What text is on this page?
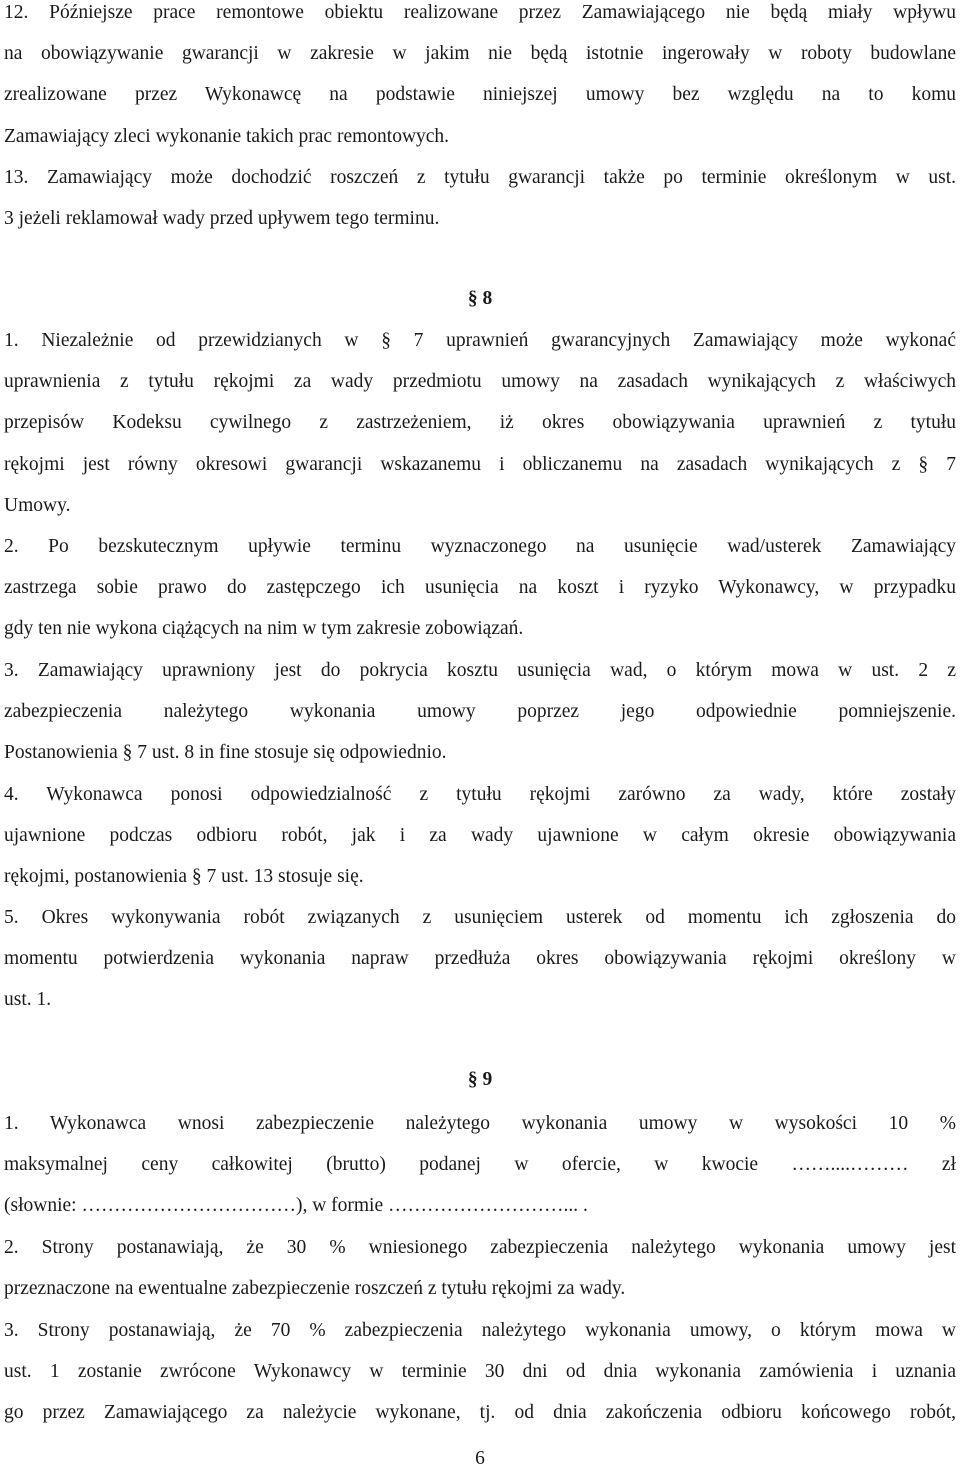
12. Późniejsze prace remontowe obiektu realizowane przez Zamawiającego nie będą miały wpływu
na obowiązywanie gwarancji w zakresie w jakim nie będą istotnie ingerowały w roboty budowlane
zrealizowane przez Wykonawcę na podstawie niniejszej umowy bez względu na to komu
Zamawiający zleci wykonanie takich prac remontowych.
13. Zamawiający może dochodzić roszczeń z tytułu gwarancji także po terminie określonym w ust.
3 jeżeli reklamował wady przed upływem tego terminu.
§ 8
1. Niezależnie od przewidzianych w § 7 uprawnień gwarancyjnych Zamawiający może wykonać
uprawnienia z tytułu rękojmi za wady przedmiotu umowy na zasadach wynikających z właściwych
przepisów Kodeksu cywilnego z zastrzeżeniem, iż okres obowiązywania uprawnień z tytułu
rękojmi jest równy okresowi gwarancji wskazanemu i obliczanemu na zasadach wynikających z § 7
Umowy.
2. Po bezskutecznym upływie terminu wyznaczonego na usunięcie wad/usterek Zamawiający
zastrzega sobie prawo do zastępczego ich usunięcia na koszt i ryzyko Wykonawcy, w przypadku
gdy ten nie wykona ciążących na nim w tym zakresie zobowiązań.
3. Zamawiający uprawniony jest do pokrycia kosztu usunięcia wad, o którym mowa w ust. 2 z
zabezpieczenia należytego wykonania umowy poprzez jego odpowiednie pomniejszenie.
Postanowienia § 7 ust. 8 in fine stosuje się odpowiednio.
4. Wykonawca ponosi odpowiedzialność z tytułu rękojmi zarówno za wady, które zostały
ujawnione podczas odbioru robót, jak i za wady ujawnione w całym okresie obowiązywania
rękojmi, postanowienia § 7 ust. 13 stosuje się.
5. Okres wykonywania robót związanych z usunięciem usterek od momentu ich zgłoszenia do
momentu potwierdzenia wykonania napraw przedłuża okres obowiązywania rękojmi określony w
ust. 1.
§ 9
1. Wykonawca wnosi zabezpieczenie należytego wykonania umowy w wysokości 10 %
maksymalnej ceny całkowitej (brutto) podanej w ofercie, w kwocie ……....……… zł
(słownie: ……………………………), w formie ………………………... .
2. Strony postanawiają, że 30 % wniesionego zabezpieczenia należytego wykonania umowy jest
przeznaczone na ewentualne zabezpieczenie roszczeń z tytułu rękojmi za wady.
3. Strony postanawiają, że 70 % zabezpieczenia należytego wykonania umowy, o którym mowa w
ust. 1 zostanie zwrócone Wykonawcy w terminie 30 dni od dnia wykonania zamówienia i uznania
go przez Zamawiającego za należycie wykonane, tj. od dnia zakończenia odbioru końcowego robót,
6
